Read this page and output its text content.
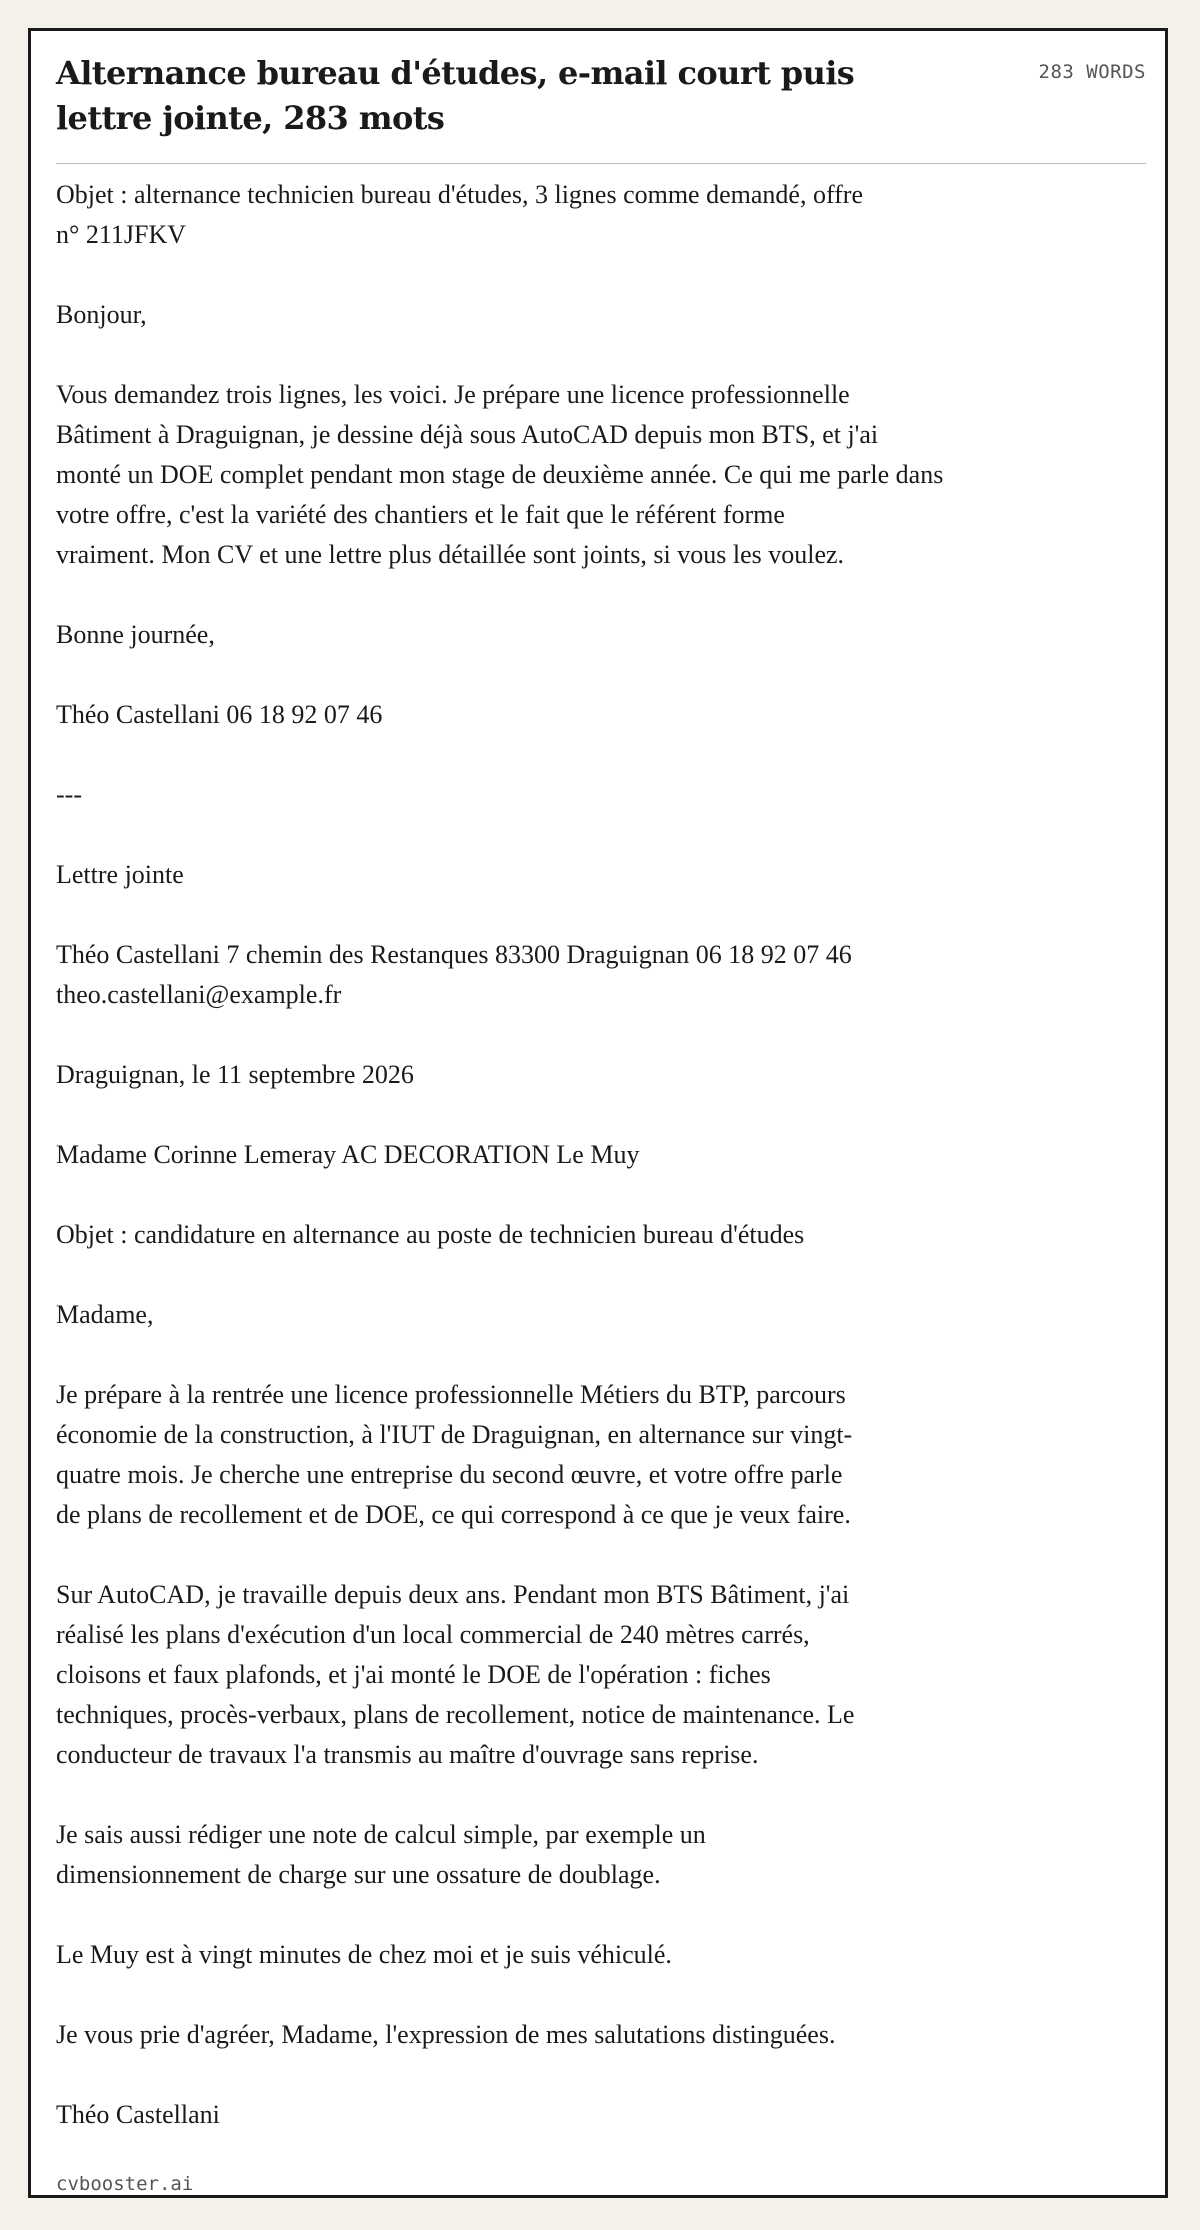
Alternance bureau d'études, e-mail court puis lettre jointe, 283 mots
283 WORDS

Objet : alternance technicien bureau d'études, 3 lignes comme demandé, offre
n° 211JFKV

Bonjour,

Vous demandez trois lignes, les voici. Je prépare une licence professionnelle
Bâtiment à Draguignan, je dessine déjà sous AutoCAD depuis mon BTS, et j'ai
monté un DOE complet pendant mon stage de deuxième année. Ce qui me parle dans
votre offre, c'est la variété des chantiers et le fait que le référent forme
vraiment. Mon CV et une lettre plus détaillée sont joints, si vous les voulez.

Bonne journée,

Théo Castellani 06 18 92 07 46

---

Lettre jointe

Théo Castellani 7 chemin des Restanques 83300 Draguignan 06 18 92 07 46
theo.castellani@example.fr

Draguignan, le 11 septembre 2026

Madame Corinne Lemeray AC DECORATION Le Muy

Objet : candidature en alternance au poste de technicien bureau d'études

Madame,

Je prépare à la rentrée une licence professionnelle Métiers du BTP, parcours
économie de la construction, à l'IUT de Draguignan, en alternance sur vingt-
quatre mois. Je cherche une entreprise du second œuvre, et votre offre parle
de plans de recollement et de DOE, ce qui correspond à ce que je veux faire.

Sur AutoCAD, je travaille depuis deux ans. Pendant mon BTS Bâtiment, j'ai
réalisé les plans d'exécution d'un local commercial de 240 mètres carrés,
cloisons et faux plafonds, et j'ai monté le DOE de l'opération : fiches
techniques, procès-verbaux, plans de recollement, notice de maintenance. Le
conducteur de travaux l'a transmis au maître d'ouvrage sans reprise.

Je sais aussi rédiger une note de calcul simple, par exemple un
dimensionnement de charge sur une ossature de doublage.

Le Muy est à vingt minutes de chez moi et je suis véhiculé.

Je vous prie d'agréer, Madame, l'expression de mes salutations distinguées.

Théo Castellani

cvbooster.ai
